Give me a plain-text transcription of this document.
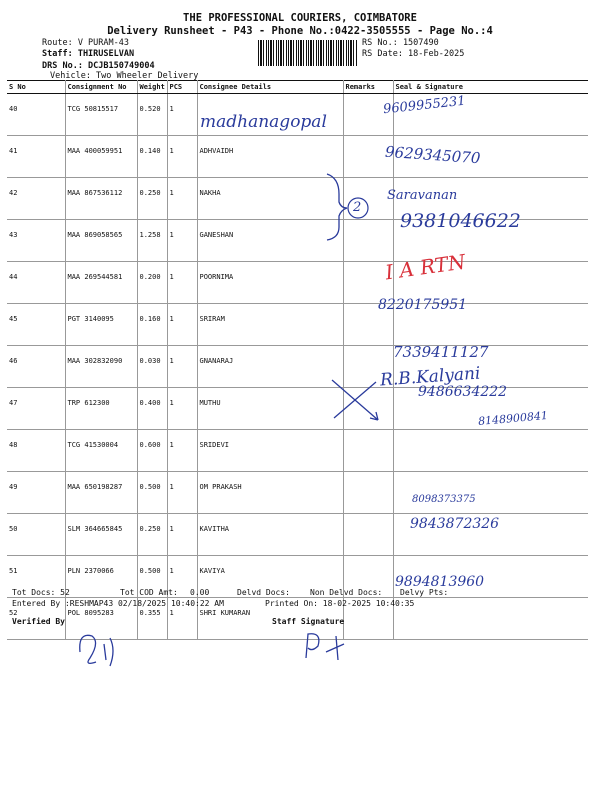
THE PROFESSIONAL COURIERS, COIMBATORE
Delivery Runsheet - P43 - Phone No.:0422-3505555 - Page No.:4
Route: V PURAM-43
Staff: THIRUSELVAN
DRS No.: DCJB150749004
Vehicle: Two Wheeler Delivery
RS No.: 1507490
RS Date: 18-Feb-2025
S No	Consignment No	Weight	PCS	Consignee Details	Remarks	Seal & Signature
40	TCG 50815517	0.520	1			
41	MAA 400059951	0.140	1	ADHVAIDH		
42	MAA 867536112	0.250	1	NAKHA		
43	MAA 869058565	1.258	1	GANESHAN		
44	MAA 269544581	0.200	1	POORNIMA		
45	PGT 3140095	0.160	1	SRIRAM		
46	MAA 302832090	0.030	1	GNANARAJ		
47	TRP 612300	0.400	1	MUTHU		
48	TCG 41530004	0.600	1	SRIDEVI		
49	MAA 650198287	0.500	1	OM PRAKASH		
50	SLM 364665845	0.250	1	KAVITHA		
51	PLN 2370066	0.500	1	KAVIYA		
52	POL 8095283	0.355	1	SHRI KUMARAN		
madhanagopal
9609955231
9629345070
2
Saravanan
9381046622
I A RTN
8220175951
7339411127
R.B.Kalyani
9486634222
8148900841
8098373375
9843872326
9894813960
Tot Docs: 52	Tot COD Amt: 0.00	Delvd Docs:	Non Delvd Docs: Delvy Pts:
Entered By :RESHMAP43 02/18/2025 10:40:22 AM	Printed On: 18-02-2025 10:40:35
Verified By	Staff Signature
